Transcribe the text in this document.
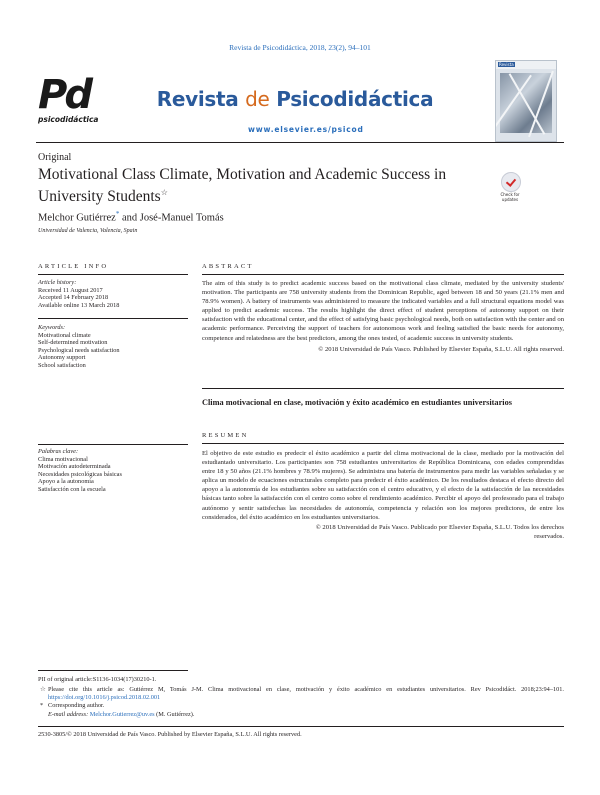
Revista de Psicodidáctica, 2018, 23(2), 94–101
Pd
psicodidáctica
Revista de Psicodidáctica
www.elsevier.es/psicod
Revista
Original
Motivational Class Climate, Motivation and Academic Success in University Students☆	Check for updates
Melchor Gutiérrez* and José-Manuel Tomás
Universidad de Valencia, Valencia, Spain
ARTICLE INFO
Article history:
Received 11 August 2017
Accepted 14 February 2018
Available online 13 March 2018
Keywords:
Motivational climate
Self-determined motivation
Psychological needs satisfaction
Autonomy support
School satisfaction
Palabras clave:
Clima motivacional
Motivación autodeterminada
Necesidades psicológicas básicas
Apoyo a la autonomía
Satisfacción con la escuela
ABSTRACT
The aim of this study is to predict academic success based on the motivational class climate, mediated by the university students' motivation. The participants are 758 university students from the Dominican Republic, aged between 18 and 50 years (21.1% men and 78.9% women). A battery of instruments was administered to measure the indicated variables and a full structural equations model was applied to predict academic success. The results highlight the direct effect of student perceptions of autonomy support on their satisfaction with the educational center, and the effect of satisfying basic psychological needs, both on satisfaction with the center and on academic performance. Perceiving the support of teachers for autonomous work and feeling satisfied the basic needs for autonomy, competence and relatedness are the best predictors, among the ones tested, of academic success in university students.
© 2018 Universidad de País Vasco. Published by Elsevier España, S.L.U. All rights reserved.
Clima motivacional en clase, motivación y éxito académico en estudiantes universitarios
RESUMEN
El objetivo de este estudio es predecir el éxito académico a partir del clima motivacional de la clase, mediado por la motivación del estudiantado universitario. Los participantes son 758 estudiantes universitarios de República Dominicana, con edades comprendidas entre 18 y 50 años (21.1% hombres y 78.9% mujeres). Se administra una batería de instrumentos para medir las variables señaladas y se aplica un modelo de ecuaciones estructurales completo para predecir el éxito académico. De los resultados destaca el efecto directo del apoyo a la autonomía de los estudiantes sobre su satisfacción con el centro educativo, y el efecto de la satisfacción de las necesidades básicas tanto sobre la satisfacción con el centro como sobre el rendimiento académico. Percibir el apoyo del profesorado para el trabajo autónomo y sentir satisfechas las necesidades de autonomía, competencia y relación son los mejores predictores, de entre los considerados, del éxito académico en los estudiantes universitarios.
© 2018 Universidad de País Vasco. Publicado por Elsevier España, S.L.U. Todos los derechos
reservados.
PII of original article:S1136-1034(17)30210-1.
☆ Please cite this article as: Gutiérrez M, Tomás J-M. Clima motivacional en clase, motivación y éxito académico en estudiantes universitarios. Rev Psicodidáct. 2018;23:94–101. https://doi.org/10.1016/j.psicod.2018.02.001
* Corresponding author.
E-mail address: Melchor.Gutierrez@uv.es (M. Gutiérrez).
2530-3805/© 2018 Universidad de País Vasco. Published by Elsevier España, S.L.U. All rights reserved.
